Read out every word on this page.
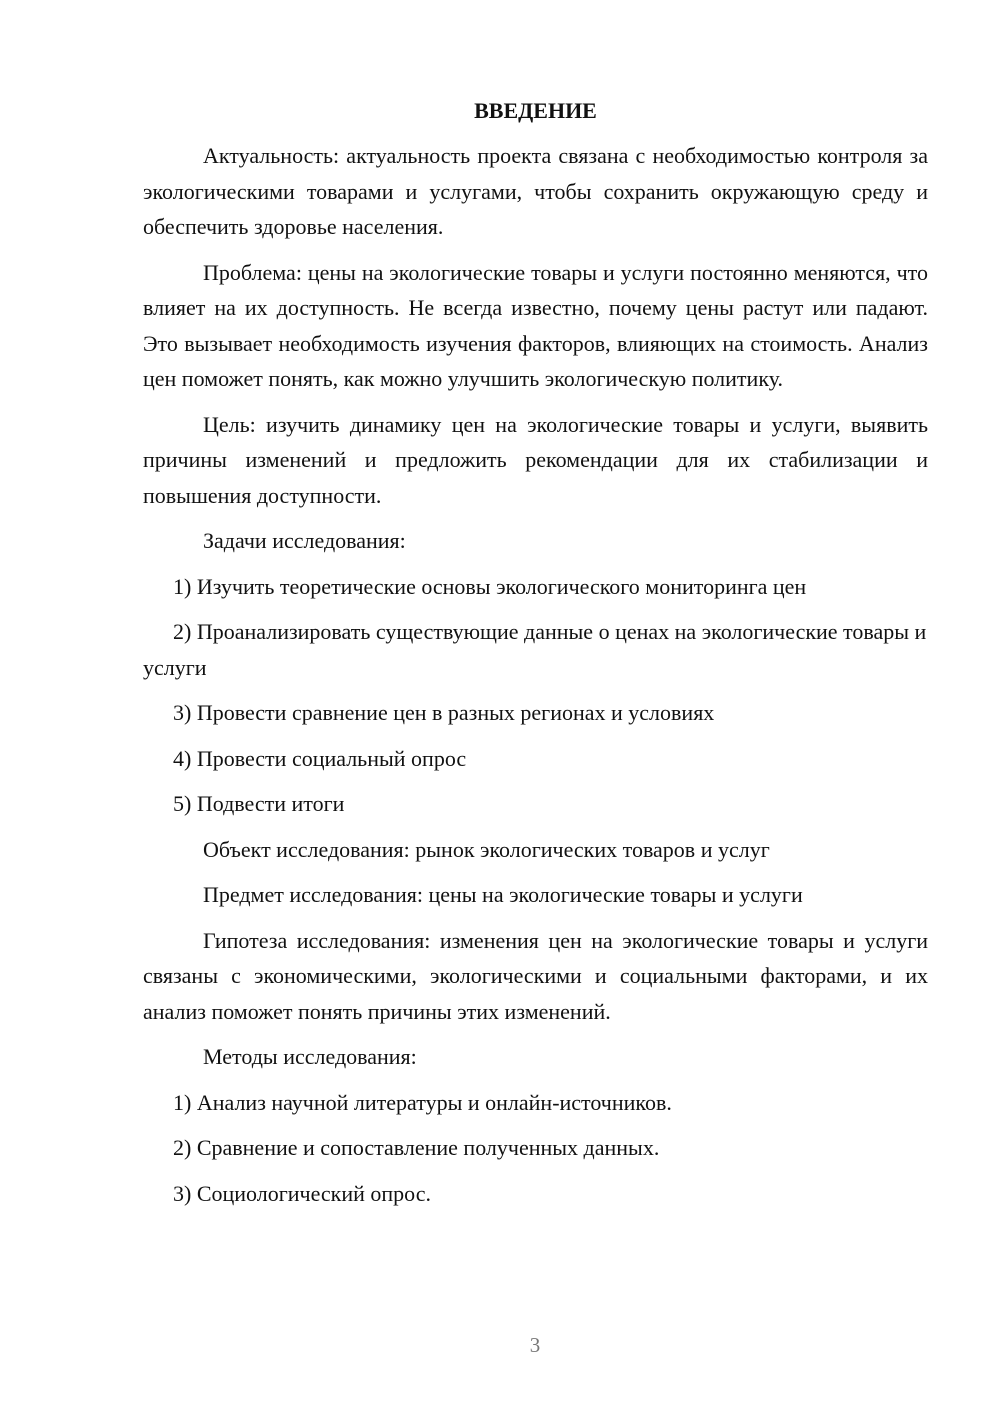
ВВЕДЕНИЕ
Актуальность: актуальность проекта связана с необходимостью контроля за экологическими товарами и услугами, чтобы сохранить окружающую среду и обеспечить здоровье населения.
Проблема: цены на экологические товары и услуги постоянно меняются, что влияет на их доступность. Не всегда известно, почему цены растут или падают. Это вызывает необходимость изучения факторов, влияющих на стоимость. Анализ цен поможет понять, как можно улучшить экологическую политику.
Цель: изучить динамику цен на экологические товары и услуги, выявить причины изменений и предложить рекомендации для их стабилизации и повышения доступности.
Задачи исследования:
1) Изучить теоретические основы экологического мониторинга цен
2) Проанализировать существующие данные о ценах на экологические товары и услуги
3) Провести сравнение цен в разных регионах и условиях
4) Провести социальный опрос
5) Подвести итоги
Объект исследования: рынок экологических товаров и услуг
Предмет исследования: цены на экологические товары и услуги
Гипотеза исследования: изменения цен на экологические товары и услуги связаны с экономическими, экологическими и социальными факторами, и их анализ поможет понять причины этих изменений.
Методы исследования:
1) Анализ научной литературы и онлайн-источников.
2) Сравнение и сопоставление полученных данных.
3) Социологический опрос.
3
